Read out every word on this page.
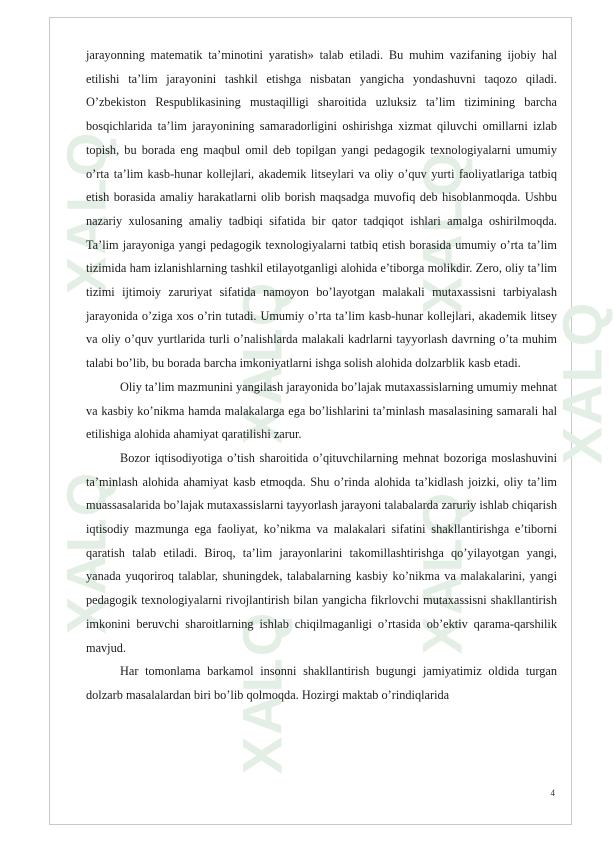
XALQ
XALQ
XALQ
XALQ
XALQ
XALQ
XALQ

jarayonning matematik ta’minotini yaratish» talab etiladi. Bu muhim vazifaning ijobiy hal etilishi ta’lim jarayonini tashkil etishga nisbatan yangicha yondashuvni taqozo qiladi. O’zbekiston Respublikasining mustaqilligi sharoitida uzluksiz ta’lim tizimining barcha bosqichlarida ta’lim jarayonining samaradorligini oshirishga xizmat qiluvchi omillarni izlab topish, bu borada eng maqbul omil deb topilgan yangi pedagogik texnologiyalarni umumiy o’rta ta’lim kasb-hunar kollejlari, akademik litseylari va oliy o’quv yurti faoliyatlariga tatbiq etish borasida amaliy harakatlarni olib borish maqsadga muvofiq deb hisoblanmoqda. Ushbu nazariy xulosaning amaliy tadbiqi sifatida bir qator tadqiqot ishlari amalga oshirilmoqda. Ta’lim jarayoniga yangi pedagogik texnologiyalarni tatbiq etish borasida umumiy o’rta ta’lim tizimida ham izlanishlarning tashkil etilayotganligi alohida e’tiborga molikdir. Zero, oliy ta’lim tizimi ijtimoiy zaruriyat sifatida namoyon bo’layotgan malakali mutaxassisni tarbiyalash jarayonida o’ziga xos o’rin tutadi. Umumiy o’rta ta’lim kasb-hunar kollejlari, akademik litsey va oliy o’quv yurtlarida turli o’nalishlarda malakali kadrlarni tayyorlash davrning o’ta muhim talabi bo’lib, bu borada barcha imkoniyatlarni ishga solish alohida dolzarblik kasb etadi.

Oliy ta’lim mazmunini yangilash jarayonida bo’lajak mutaxassislarning umumiy mehnat va kasbiy ko’nikma hamda malakalarga ega bo’lishlarini ta’minlash masalasining samarali hal etilishiga alohida ahamiyat qaratilishi zarur.

Bozor iqtisodiyotiga o’tish sharoitida o’qituvchilarning mehnat bozoriga moslashuvini ta’minlash alohida ahamiyat kasb etmoqda. Shu o’rinda alohida ta’kidlash joizki, oliy ta’lim muassasalarida bo’lajak mutaxassislarni tayyorlash jarayoni talabalarda zaruriy ishlab chiqarish iqtisodiy mazmunga ega faoliyat, ko’nikma va malakalari sifatini shakllantirishga e’tiborni qaratish talab etiladi. Biroq, ta’lim jarayonlarini takomillashtirishga qo’yilayotgan yangi, yanada yuqoriroq talablar, shuningdek, talabalarning kasbiy ko’nikma va malakalarini, yangi pedagogik texnologiyalarni rivojlantirish bilan yangicha fikrlovchi mutaxassisni shakllantirish imkonini beruvchi sharoitlarning ishlab chiqilmaganligi o’rtasida ob’ektiv qarama-qarshilik mavjud.

Har tomonlama barkamol insonni shakllantirish bugungi jamiyatimiz oldida turgan dolzarb masalalardan biri bo’lib qolmoqda. Hozirgi maktab o’rindiqlarida

4
